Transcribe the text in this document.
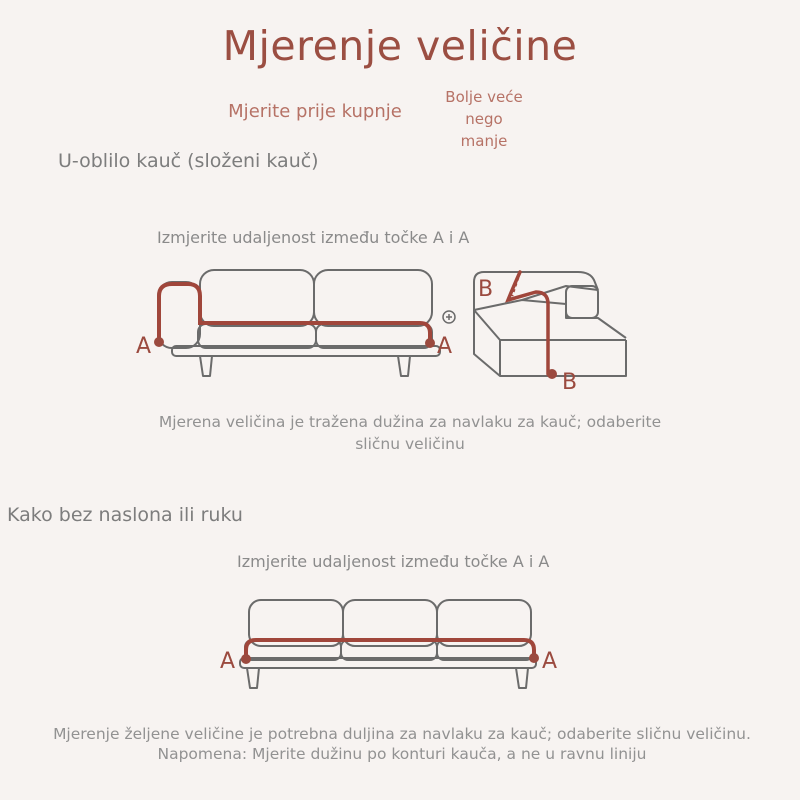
Mjerenje veličine
Mjerite prije kupnje
Bolje veće
nego
manje
U-oblilo kauč (složeni kauč)
Izmjerite udaljenost između točke A i A
A	A
B
B
A	A
Mjerena veličina je tražena dužina za navlaku za kauč; odaberite sličnu veličinu
Kako bez naslona ili ruku
Izmjerite udaljenost između točke A i A
Mjerenje željene veličine je potrebna duljina za navlaku za kauč; odaberite sličnu veličinu.
Napomena: Mjerite dužinu po konturi kauča, a ne u ravnu liniju
